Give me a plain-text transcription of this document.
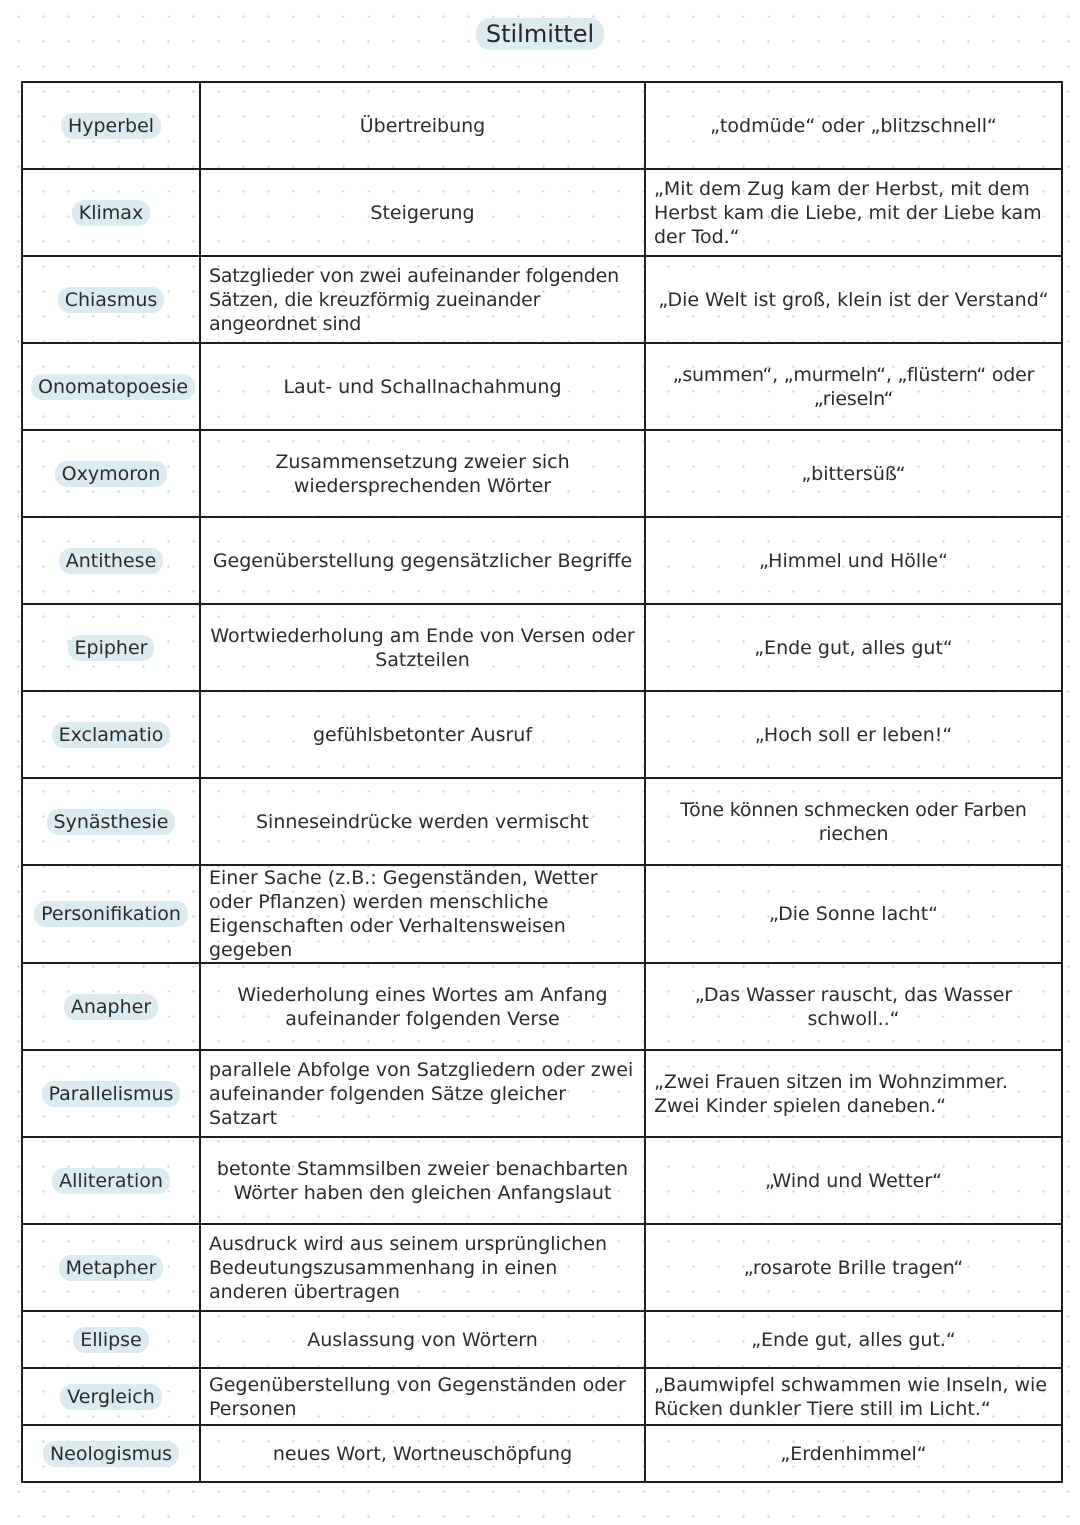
Stilmittel
Hyperbel	Übertreibung	„todmüde“ oder „blitzschnell“
Klimax	Steigerung	„Mit dem Zug kam der Herbst, mit dem Herbst kam die Liebe, mit der Liebe kam der Tod.“
Chiasmus	Satzglieder von zwei aufeinander folgenden Sätzen, die kreuzförmig zueinander angeordnet sind	„Die Welt ist groß, klein ist der Verstand“
Onomatopoesie	Laut- und Schallnachahmung	„summen“, „murmeln“, „flüstern“ oder „rieseln“
Oxymoron	Zusammensetzung zweier sich wiedersprechenden Wörter	„bittersüß“
Antithese	Gegenüberstellung gegensätzlicher Begriffe	„Himmel und Hölle“
Epipher	Wortwiederholung am Ende von Versen oder Satzteilen	„Ende gut, alles gut“
Exclamatio	gefühlsbetonter Ausruf	„Hoch soll er leben!“
Synästhesie	Sinneseindrücke werden vermischt	Töne können schmecken oder Farben riechen
Personifikation	Einer Sache (z.B.: Gegenständen, Wetter oder Pflanzen) werden menschliche Eigenschaften oder Verhaltensweisen gegeben	„Die Sonne lacht“
Anapher	Wiederholung eines Wortes am Anfang aufeinander folgenden Verse	„Das Wasser rauscht, das Wasser schwoll..“
Parallelismus	parallele Abfolge von Satzgliedern oder zwei aufeinander folgenden Sätze gleicher Satzart	„Zwei Frauen sitzen im Wohnzimmer. Zwei Kinder spielen daneben.“
Alliteration	betonte Stammsilben zweier benachbarten Wörter haben den gleichen Anfangslaut	„Wind und Wetter“
Metapher	Ausdruck wird aus seinem ursprünglichen Bedeutungszusammenhang in einen anderen übertragen	„rosarote Brille tragen“
Ellipse	Auslassung von Wörtern	„Ende gut, alles gut.“
Vergleich	Gegenüberstellung von Gegenständen oder Personen	„Baumwipfel schwammen wie Inseln, wie Rücken dunkler Tiere still im Licht.“
Neologismus	neues Wort, Wortneuschöpfung	„Erdenhimmel“
